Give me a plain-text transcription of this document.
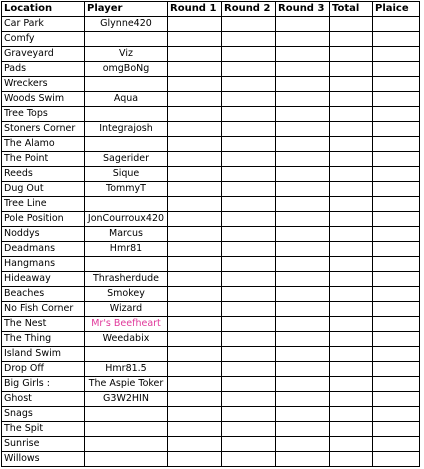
Location	Player	Round 1	Round 2	Round 3	Total	Plaice
Car Park	Glynne420					
Comfy						
Graveyard	Viz					
Pads	omgBoNg					
Wreckers						
Woods Swim	Aqua					
Tree Tops						
Stoners Corner	Integrajosh					
The Alamo						
The Point	Sagerider					
Reeds	Sique					
Dug Out	TommyT					
Tree Line						
Pole Position	JonCourroux420					
Noddys	Marcus					
Deadmans	Hmr81					
Hangmans						
Hideaway	Thrasherdude					
Beaches	Smokey					
No Fish Corner	Wizard					
The Nest	Mr's Beefheart					
The Thing	Weedabix					
Island Swim						
Drop Off	Hmr81.5					
Big Girls :	The Aspie Toker					
Ghost	G3W2HIN					
Snags						
The Spit						
Sunrise						
Willows						
